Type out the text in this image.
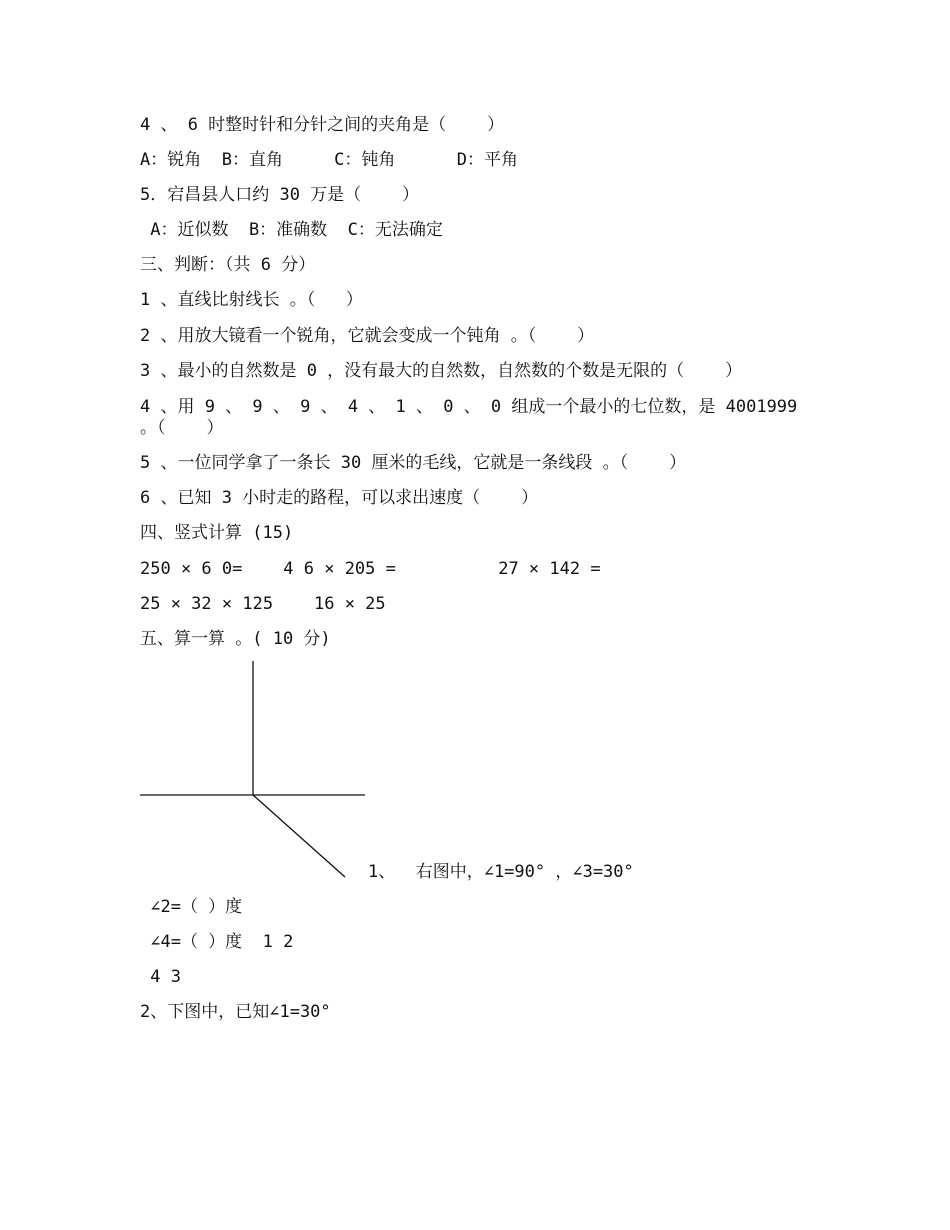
4 、 6 时整时针和分针之间的夹角是（    ）
A：锐角  B：直角     C：钝角      D：平角
5．宕昌县人口约 30 万是（    ）
A：近似数  B：准确数  C：无法确定
三、判断：（共 6 分）
1 、直线比射线长 。（   ）
2 、用放大镜看一个锐角，它就会变成一个钝角 。（    ）
3 、最小的自然数是 0 ，没有最大的自然数，自然数的个数是无限的（    ）
4 、用 9 、 9 、 9 、 4 、 1 、 0 、 0 组成一个最小的七位数，是 4001999
。（    ）
5 、一位同学拿了一条长 30 厘米的毛线，它就是一条线段 。（    ）
6 、已知 3 小时走的路程，可以求出速度（    ）
四、竖式计算 (15)
250 × 6 0=    4 6 × 205 =          27 × 142 =
25 × 32 × 125    16 × 25
五、算一算 。( 10 分)
1、  右图中，∠1=90° ，∠3=30°
∠2=（ ）度
∠4=（ ）度  1 2
4 3
2、下图中，已知∠1=30°
